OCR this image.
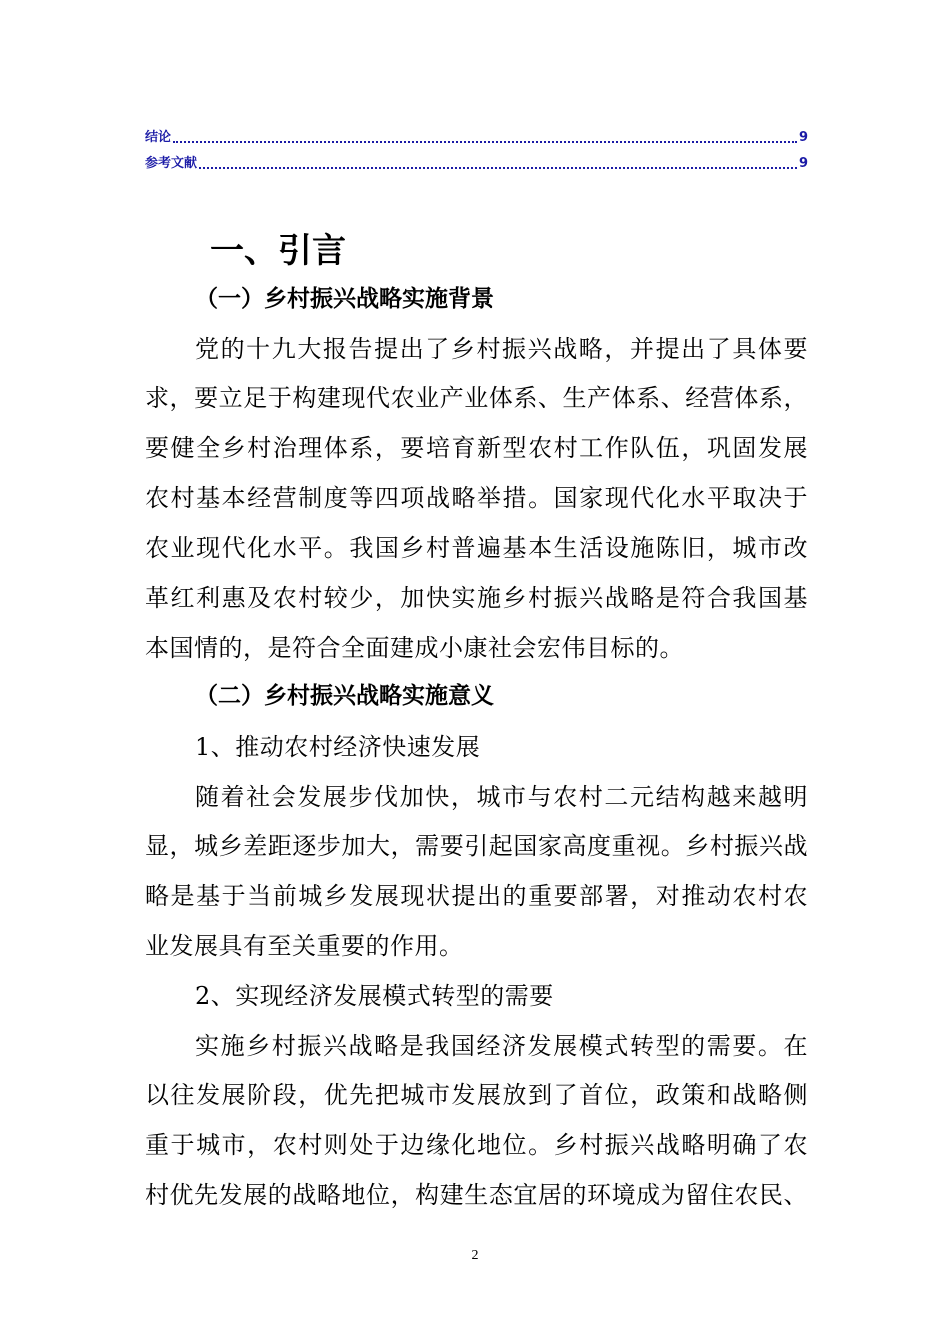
结论	9
参考文献	9
一、引言
（一）乡村振兴战略实施背景
党的十九大报告提出了乡村振兴战略，并提出了具体要
求，要立足于构建现代农业产业体系、生产体系、经营体系，
要健全乡村治理体系，要培育新型农村工作队伍，巩固发展
农村基本经营制度等四项战略举措。国家现代化水平取决于
农业现代化水平。我国乡村普遍基本生活设施陈旧，城市改
革红利惠及农村较少，加快实施乡村振兴战略是符合我国基
本国情的，是符合全面建成小康社会宏伟目标的。
（二）乡村振兴战略实施意义
1、推动农村经济快速发展
随着社会发展步伐加快，城市与农村二元结构越来越明
显，城乡差距逐步加大，需要引起国家高度重视。乡村振兴战
略是基于当前城乡发展现状提出的重要部署，对推动农村农
业发展具有至关重要的作用。
2、实现经济发展模式转型的需要
实施乡村振兴战略是我国经济发展模式转型的需要。在
以往发展阶段，优先把城市发展放到了首位，政策和战略侧
重于城市，农村则处于边缘化地位。乡村振兴战略明确了农
村优先发展的战略地位，构建生态宜居的环境成为留住农民、
2
